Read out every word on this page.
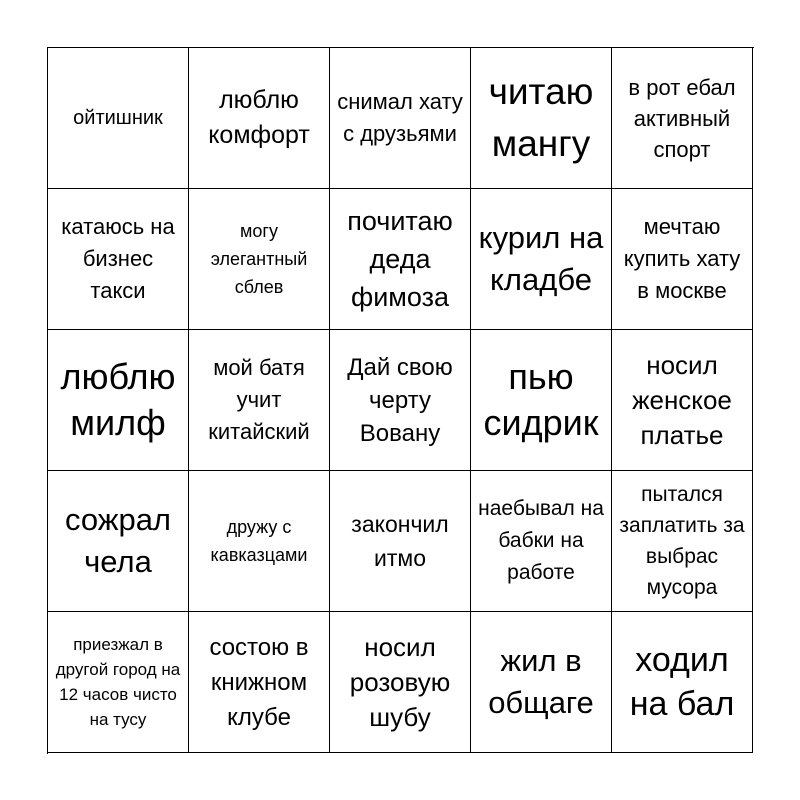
ойтишник
люблю комфорт
снимал хату с друзьями
читаю мангу
в рот ебал активный спорт
катаюсь на бизнес такси
могу элегантный сблев
почитаю деда фимоза
курил на кладбе
мечтаю купить хату в москве
люблю милф
мой батя учит китайский
Дай свою черту Вовану
пью сидрик
носил женское платье
сожрал чела
дружу с кавказцами
закончил итмо
наебывал на бабки на работе
пытался заплатить за выбрас мусора
приезжал в другой город на 12 часов чисто на тусу
состою в книжном клубе
носил розовую шубу
жил в общаге
ходил на бал
